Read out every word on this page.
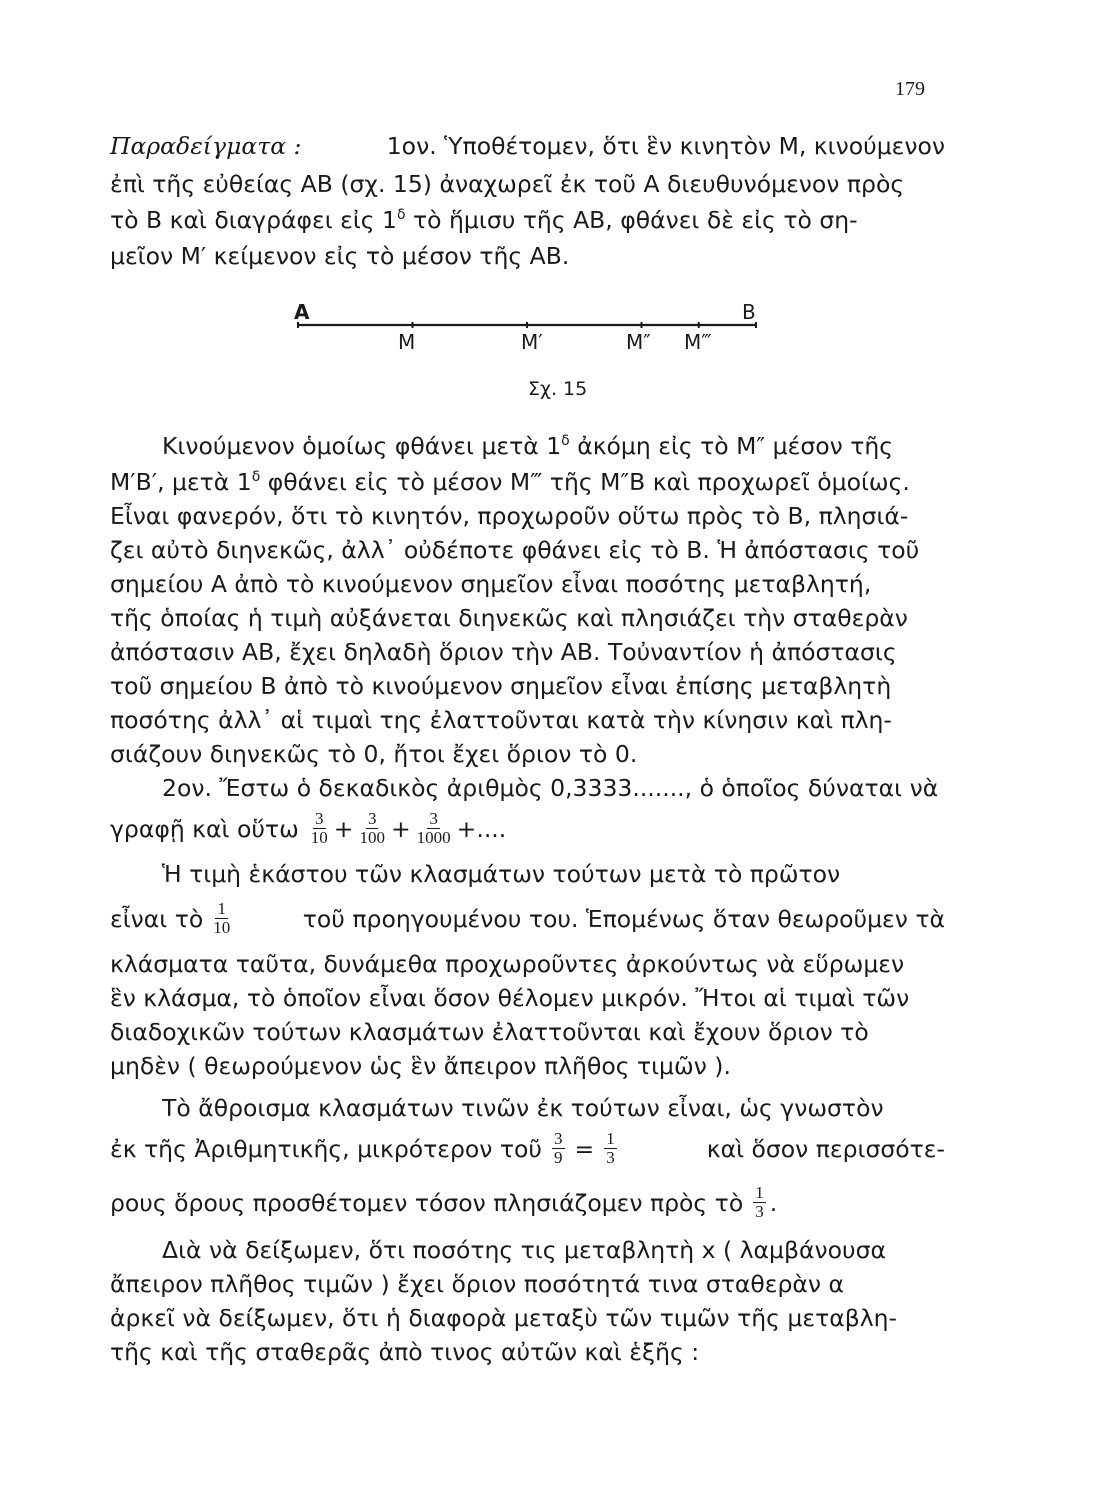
179
Παραδείγματα :	1ον. Ὑποθέτομεν, ὅτι ἓν κινητὸν Μ, κινούμενον
ἐπὶ τῆς εὐθείας ΑΒ (σχ. 15) ἀναχωρεῖ ἐκ τοῦ Α διευθυνόμενον πρὸς
τὸ Β καὶ διαγράφει εἰς $1^\delta$ τὸ ἥμισυ τῆς ΑΒ, φθάνει δὲ εἰς τὸ ση-
μεῖον Μ′ κείμενον εἰς τὸ μέσον τῆς ΑΒ.
A	B
Μ	Μ′	Μ″ Μ‴
Σχ. 15
Κινούμενον ὁμοίως φθάνει μετὰ $1^\delta$ ἀκόμη εἰς τὸ Μ″ μέσον τῆς
Μ′Β′, μετὰ $1^\delta$ φθάνει εἰς τὸ μέσον Μ‴ τῆς Μ″Β καὶ προχωρεῖ ὁμοίως.
Εἶναι φανερόν, ὅτι τὸ κινητόν, προχωροῦν οὕτω πρὸς τὸ Β, πλησιά-
ζει αὐτὸ διηνεκῶς, ἀλλ᾿ οὐδέποτε φθάνει εἰς τὸ Β. Ἡ ἀπόστασις τοῦ
σημείου Α ἀπὸ τὸ κινούμενον σημεῖον εἶναι ποσότης μεταβλητή,
τῆς ὁποίας ἡ τιμὴ αὐξάνεται διηνεκῶς καὶ πλησιάζει τὴν σταθερὰν
ἀπόστασιν ΑΒ, ἔχει δηλαδὴ ὅριον τὴν ΑΒ. Τοὐναντίον ἡ ἀπόστασις
τοῦ σημείου Β ἀπὸ τὸ κινούμενον σημεῖον εἶναι ἐπίσης μεταβλητὴ
ποσότης ἀλλ᾿ αἱ τιμαὶ της ἐλαττοῦνται κατὰ τὴν κίνησιν καὶ πλη-
σιάζουν διηνεκῶς τὸ 0, ἤτοι ἔχει ὅριον τὸ 0.
2ον. Ἔστω ὁ δεκαδικὸς ἀριθμὸς 0,3333......., ὁ ὁποῖος δύναται νὰ
γραφῇ καὶ οὕτω $\frac{3}{10} + \frac{3}{100} + \frac{3}{1000}$ +....
Ἡ τιμὴ ἑκάστου τῶν κλασμάτων τούτων μετὰ τὸ πρῶτον
εἶναι τὸ $\frac{1}{10}$	τοῦ προηγουμένου του. Ἑπομένως ὅταν θεωροῦμεν τὰ
κλάσματα ταῦτα, δυνάμεθα προχωροῦντες ἀρκούντως νὰ εὕρωμεν
ἓν κλάσμα, τὸ ὁποῖον εἶναι ὅσον θέλομεν μικρόν. Ἤτοι αἱ τιμαὶ τῶν
διαδοχικῶν τούτων κλασμάτων ἐλαττοῦνται καὶ ἔχουν ὅριον τὸ
μηδὲν ( θεωρούμενον ὡς ἓν ἄπειρον πλῆθος τιμῶν ).
Τὸ ἄθροισμα κλασμάτων τινῶν ἐκ τούτων εἶναι, ὡς γνωστὸν
ἐκ τῆς Ἀριθμητικῆς, μικρότερον τοῦ $\frac{3}{9} = \frac{1}{3}$	καὶ ὅσον περισσότε-
ρους ὅρους προσθέτομεν τόσον πλησιάζομεν πρὸς τὸ $\frac{1}{3}$ .
Διὰ νὰ δείξωμεν, ὅτι ποσότης τις μεταβλητὴ x ( λαμβάνουσα
ἄπειρον πλῆθος τιμῶν ) ἔχει ὅριον ποσότητά τινα σταθερὰν α
ἀρκεῖ νὰ δείξωμεν, ὅτι ἡ διαφορὰ μεταξὺ τῶν τιμῶν τῆς μεταβλη-
τῆς καὶ τῆς σταθερᾶς ἀπὸ τινος αὐτῶν καὶ ἑξῆς :
